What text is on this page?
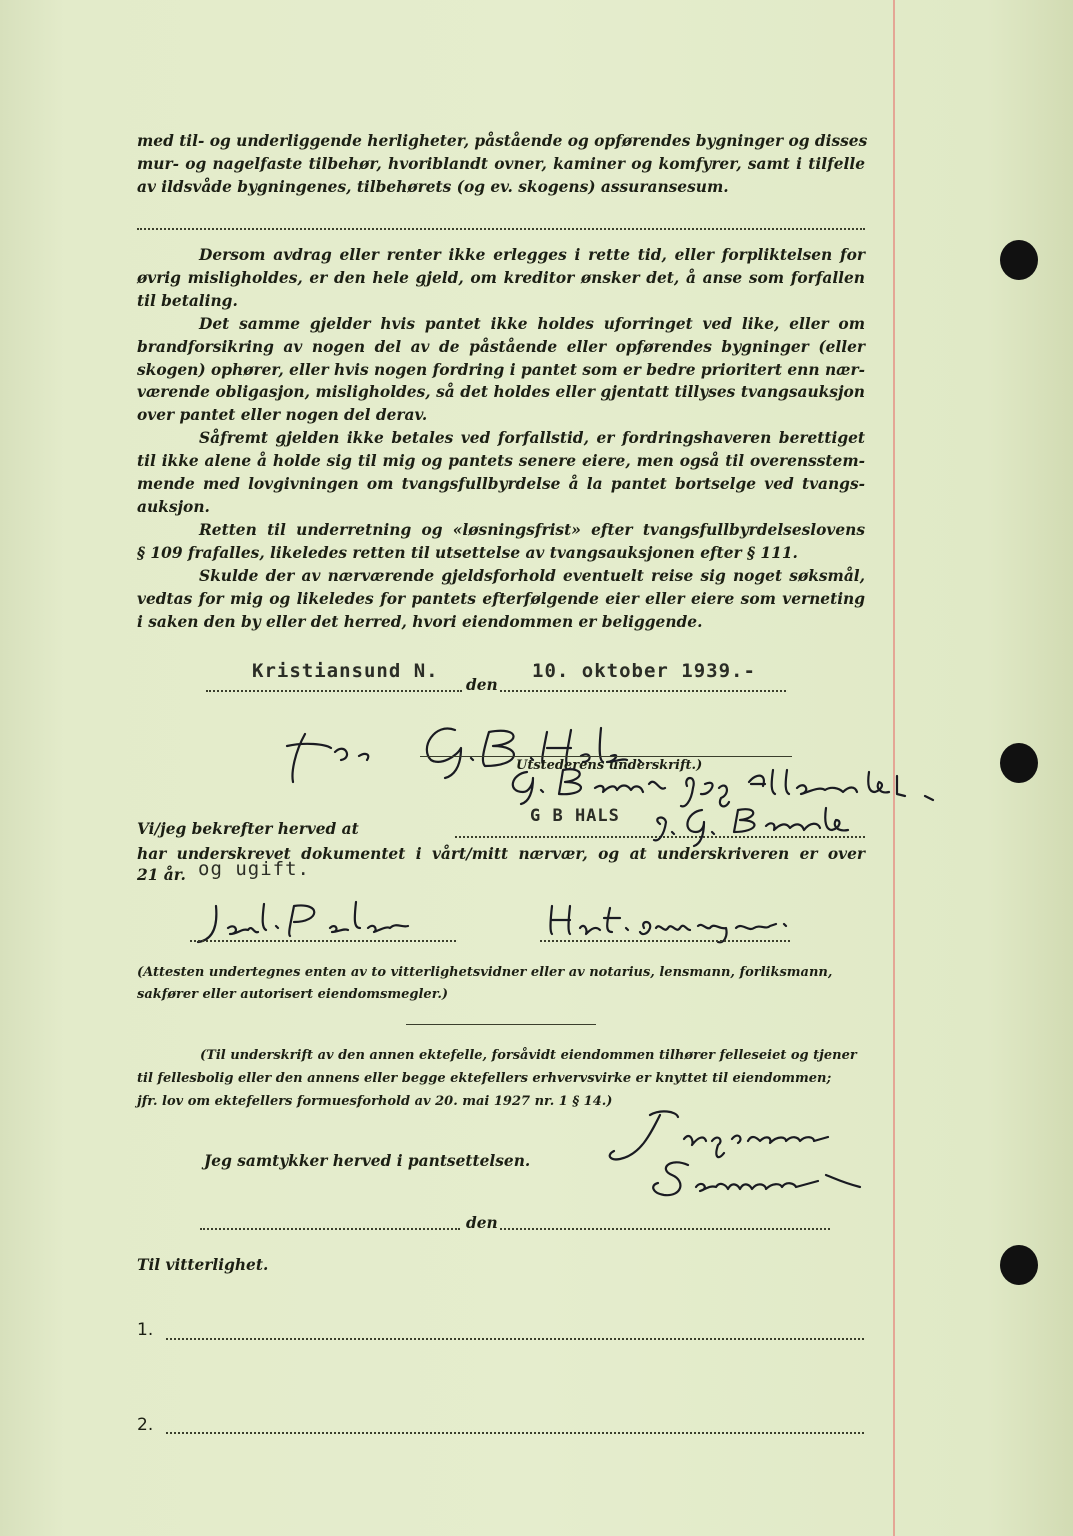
med til- og underliggende herligheter, påstående og opførendes bygninger og disses
mur- og nagelfaste tilbehør, hvoriblandt ovner, kaminer og komfyrer, samt i tilfelle
av ildsvåde bygningenes, tilbehørets (og ev. skogens) assuransesum.
Dersom avdrag eller renter ikke erlegges i rette tid, eller forpliktelsen for
øvrig misligholdes, er den hele gjeld, om kreditor ønsker det, å anse som forfallen
til betaling.
Det samme gjelder hvis pantet ikke holdes uforringet ved like, eller om
brandforsikring av nogen del av de påstående eller opførendes bygninger (eller
skogen) ophører, eller hvis nogen fordring i pantet som er bedre prioritert enn nær-
værende obligasjon, misligholdes, så det holdes eller gjentatt tillyses tvangsauksjon
over pantet eller nogen del derav.
Såfremt gjelden ikke betales ved forfallstid, er fordringshaveren berettiget
til ikke alene å holde sig til mig og pantets senere eiere, men også til overensstem-
mende med lovgivningen om tvangsfullbyrdelse å la pantet bortselge ved tvangs-
auksjon.
Retten til underretning og «løsningsfrist» efter tvangsfullbyrdelseslovens
§ 109 frafalles, likeledes retten til utsettelse av tvangsauksjonen efter § 111.
Skulde der av nærværende gjeldsforhold eventuelt reise sig noget søksmål,
vedtas for mig og likeledes for pantets efterfølgende eier eller eiere som verneting
i saken den by eller det herred, hvori eiendommen er beliggende.
Kristiansund N.
den
10. oktober 1939.-
Utstederens underskrift.)
G B HALS
Vi/jeg bekrefter herved at
har underskrevet dokumentet i vårt/mitt nærvær, og at underskriveren er over
21 år. og ugift.
(Attesten undertegnes enten av to vitterlighetsvidner eller av notarius, lensmann, forliksmann,
sakfører eller autorisert eiendomsmegler.)
(Til underskrift av den annen ektefelle, forsåvidt eiendommen tilhører felleseiet og tjener
til fellesbolig eller den annens eller begge ektefellers erhvervsvirke er knyttet til eiendommen;
jfr. lov om ektefellers formuesforhold av 20. mai 1927 nr. 1 § 14.)
Jeg samtykker herved i pantsettelsen.
den
Til vitterlighet.
1.
2.
